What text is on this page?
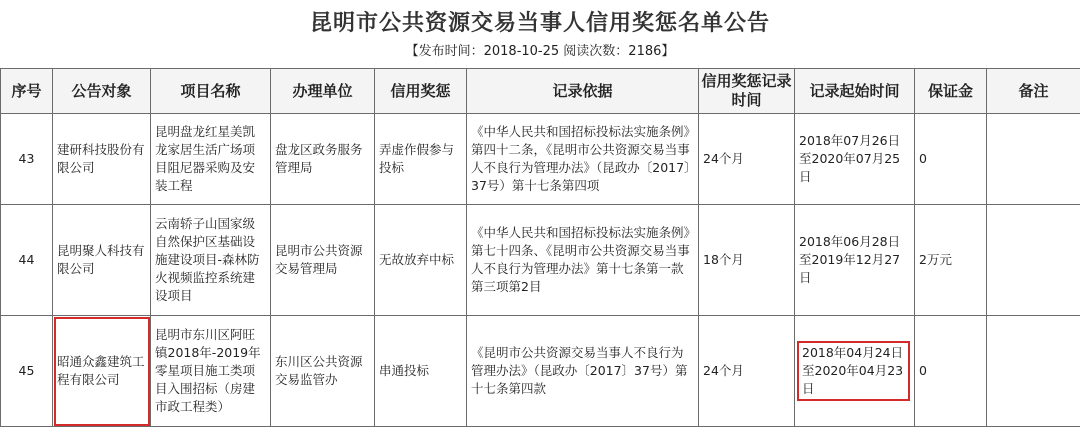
昆明市公共资源交易当事人信用奖惩名单公告
【发布时间：2018-10-25 阅读次数：2186】
序号	公告对象	项目名称	办理单位	信用奖惩	记录依据	信用奖惩记录时间	记录起始时间	保证金	备注
43	建研科技股份有限公司	昆明盘龙红星美凯龙家居生活广场项目阻尼器采购及安装工程	盘龙区政务服务管理局	弄虚作假参与投标	《中华人民共和国招标投标法实施条例》第四十二条，《昆明市公共资源交易当事人不良行为管理办法》（昆政办〔2017〕37号）第十七条第四项	24个月	2018年07月26日至2020年07月25日	0	
44	昆明聚人科技有限公司	云南轿子山国家级自然保护区基础设施建设项目-森林防火视频监控系统建设项目	昆明市公共资源交易管理局	无故放弃中标	《中华人民共和国招标投标法实施条例》第七十四条、《昆明市公共资源交易当事人不良行为管理办法》第十七条第一款第三项第2目	18个月	2018年06月28日至2019年12月27日	2万元	
45	昭通众鑫建筑工程有限公司	昆明市东川区阿旺镇2018年-2019年零星项目施工类项目入围招标（房建市政工程类）	东川区公共资源交易监管办	串通投标	《昆明市公共资源交易当事人不良行为管理办法》（昆政办〔2017〕37号）第十七条第四款	24个月	2018年04月24日至2020年04月23日	0	
